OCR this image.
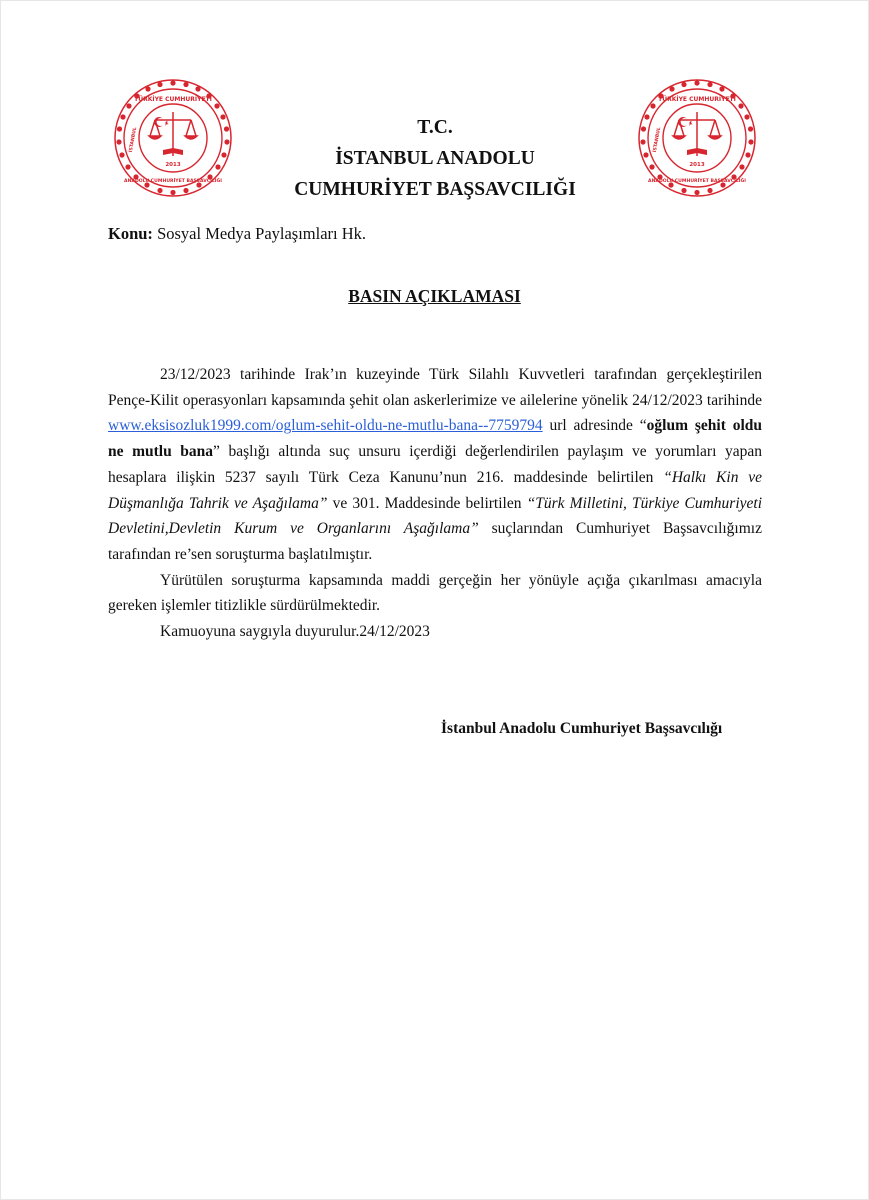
TÜRKİYE CUMHURİYETİ
ANADOLU CUMHURİYET BAŞSAVCILIĞI
İSTANBUL
2013
TÜRKİYE CUMHURİYETİ
ANADOLU CUMHURİYET BAŞSAVCILIĞI
İSTANBUL
2013
T.C.
İSTANBUL ANADOLU
CUMHURİYET BAŞSAVCILIĞI
Konu: Sosyal Medya Paylaşımları Hk.
BASIN AÇIKLAMASI

23/12/2023 tarihinde Irak’ın kuzeyinde Türk Silahlı Kuvvetleri tarafından gerçekleştirilen Pençe-Kilit operasyonları kapsamında şehit olan askerlerimize ve ailelerine yönelik 24/12/2023 tarihinde www.eksisozluk1999.com/oglum-sehit-oldu-ne-mutlu-bana--7759794 url adresinde “oğlum şehit oldu ne mutlu bana” başlığı altında suç unsuru içerdiği değerlendirilen paylaşım ve yorumları yapan hesaplara ilişkin 5237 sayılı Türk Ceza Kanunu’nun 216. maddesinde belirtilen “Halkı Kin ve Düşmanlığa Tahrik ve Aşağılama” ve 301. Maddesinde belirtilen “Türk Milletini, Türkiye Cumhuriyeti Devletini,Devletin Kurum ve Organlarını Aşağılama” suçlarından Cumhuriyet Başsavcılığımız tarafından re’sen soruşturma başlatılmıştır.

Yürütülen soruşturma kapsamında maddi gerçeğin her yönüyle açığa çıkarılması amacıyla gereken işlemler titizlikle sürdürülmektedir.

Kamuoyuna saygıyla duyurulur.24/12/2023

İstanbul Anadolu Cumhuriyet Başsavcılığı
